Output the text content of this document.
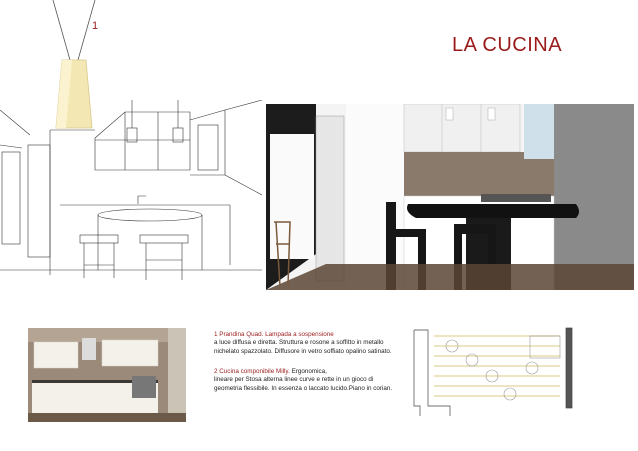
LA CUCINA
1
1 Prandina Quad. Lampada a sospensione
a luce diffusa e diretta. Struttura e rosone a soffitto in metallo nichelato spazzolato. Diffusore in vetro soffiato opalino satinato.
2 Cucina componibile Milly. Ergonomica,
lineare per Stosa alterna linee curve e rette in un gioco di geometria flessibile. In essenza o laccato lucido.Piano in corian.
